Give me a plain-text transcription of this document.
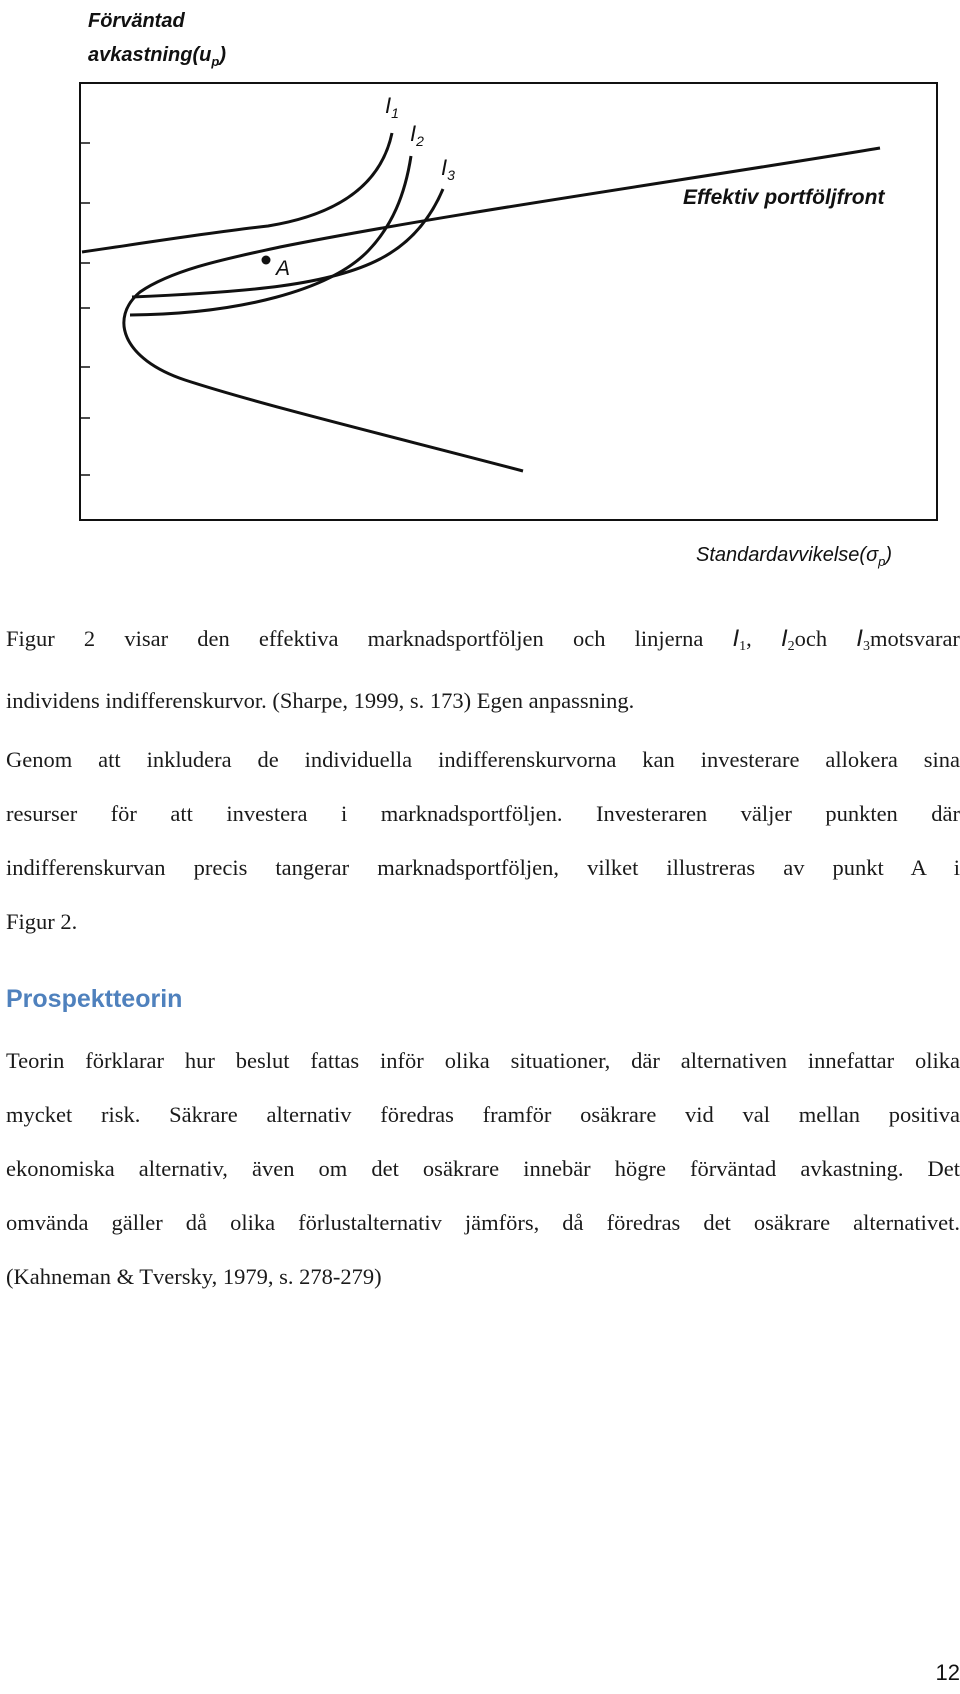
Förväntad
$avkastning(u_p)$
$Standardavvikelse(\sigma_p)$
Effektiv portföljfront
A
$I_1$
$I_2$
$I_3$
Figur 2 visar den effektiva marknadsportföljen och linjerna I1, I2och I3motsvarar
individens indifferenskurvor. (Sharpe, 1999, s. 173) Egen anpassning.
Genom att inkludera de individuella indifferenskurvorna kan investerare allokera sina
resurser för att investera i marknadsportföljen. Investeraren väljer punkten där
indifferenskurvan precis tangerar marknadsportföljen, vilket illustreras av punkt A i
Figur 2.
Prospektteorin
Teorin förklarar hur beslut fattas inför olika situationer, där alternativen innefattar olika
mycket risk. Säkrare alternativ föredras framför osäkrare vid val mellan positiva
ekonomiska alternativ, även om det osäkrare innebär högre förväntad avkastning. Det
omvända gäller då olika förlustalternativ jämförs, då föredras det osäkrare alternativet.
(Kahneman & Tversky, 1979, s. 278-279)
12
